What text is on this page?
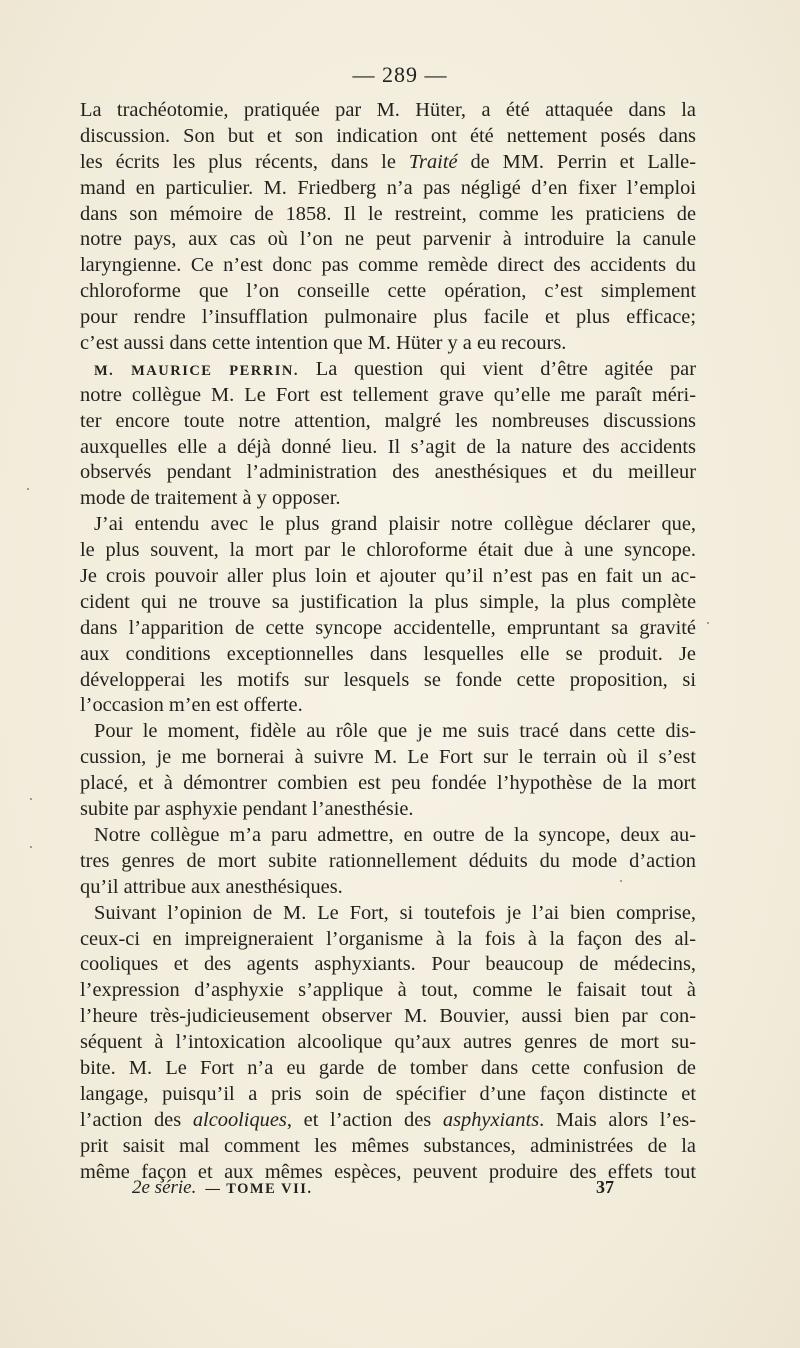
— 289 —
La trachéotomie, pratiquée par M. Hüter, a été attaquée dans la
discussion. Son but et son indication ont été nettement posés dans
les écrits les plus récents, dans le Traité de MM. Perrin et Lalle-
mand en particulier. M. Friedberg n’a pas négligé d’en fixer l’emploi
dans son mémoire de 1858. Il le restreint, comme les praticiens de
notre pays, aux cas où l’on ne peut parvenir à introduire la canule
laryngienne. Ce n’est donc pas comme remède direct des accidents du
chloroforme que l’on conseille cette opération, c’est simplement
pour rendre l’insufflation pulmonaire plus facile et plus efficace;
c’est aussi dans cette intention que M. Hüter y a eu recours.
M. MAURICE PERRIN. La question qui vient d’être agitée par
notre collègue M. Le Fort est tellement grave qu’elle me paraît méri-
ter encore toute notre attention, malgré les nombreuses discussions
auxquelles elle a déjà donné lieu. Il s’agit de la nature des accidents
observés pendant l’administration des anesthésiques et du meilleur
mode de traitement à y opposer.
J’ai entendu avec le plus grand plaisir notre collègue déclarer que,
le plus souvent, la mort par le chloroforme était due à une syncope.
Je crois pouvoir aller plus loin et ajouter qu’il n’est pas en fait un ac-
cident qui ne trouve sa justification la plus simple, la plus complète
dans l’apparition de cette syncope accidentelle, empruntant sa gravité
aux conditions exceptionnelles dans lesquelles elle se produit. Je
développerai les motifs sur lesquels se fonde cette proposition, si
l’occasion m’en est offerte.
Pour le moment, fidèle au rôle que je me suis tracé dans cette dis-
cussion, je me bornerai à suivre M. Le Fort sur le terrain où il s’est
placé, et à démontrer combien est peu fondée l’hypothèse de la mort
subite par asphyxie pendant l’anesthésie.
Notre collègue m’a paru admettre, en outre de la syncope, deux au-
tres genres de mort subite rationnellement déduits du mode d’action
qu’il attribue aux anesthésiques.
Suivant l’opinion de M. Le Fort, si toutefois je l’ai bien comprise,
ceux-ci en impreigneraient l’organisme à la fois à la façon des al-
cooliques et des agents asphyxiants. Pour beaucoup de médecins,
l’expression d’asphyxie s’applique à tout, comme le faisait tout à
l’heure très-judicieusement observer M. Bouvier, aussi bien par con-
séquent à l’intoxication alcoolique qu’aux autres genres de mort su-
bite. M. Le Fort n’a eu garde de tomber dans cette confusion de
langage, puisqu’il a pris soin de spécifier d’une façon distincte et
l’action des alcooliques, et l’action des asphyxiants. Mais alors l’es-
prit saisit mal comment les mêmes substances, administrées de la
même façon et aux mêmes espèces, peuvent produire des effets tout
2e série. — TOME VII.	37
